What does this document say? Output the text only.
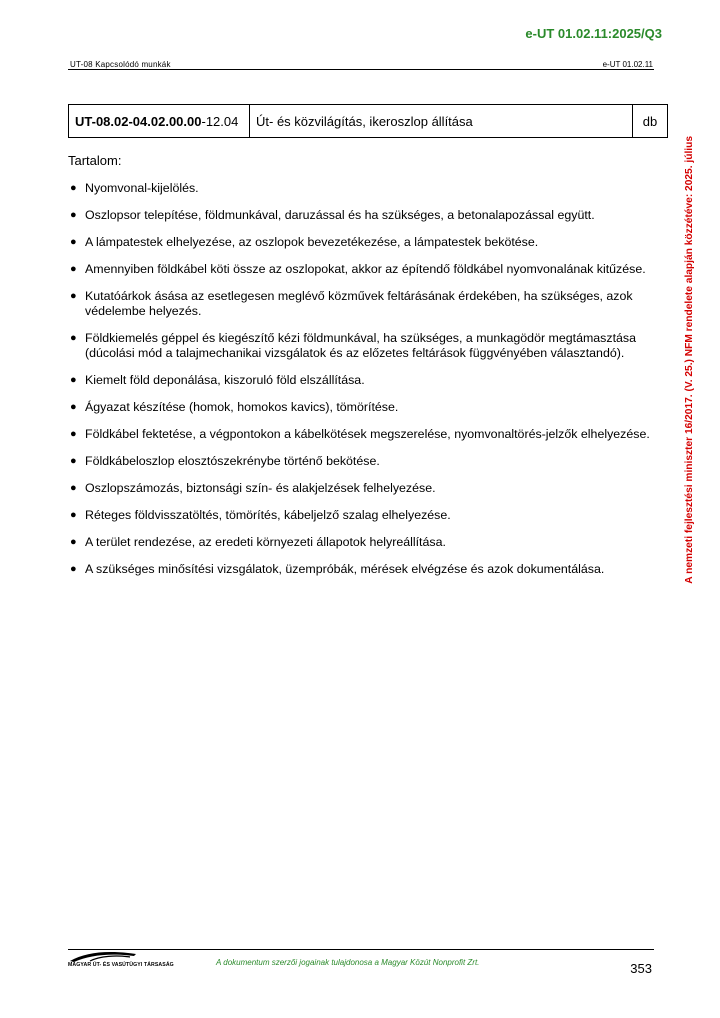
e-UT 01.02.11:2025/Q3
UT-08 Kapcsolódó munkák	e-UT 01.02.11
UT-08.02-04.02.00.00-12.04	Út- és közvilágítás, ikeroszlop állítása	db
Tartalom:
● Nyomvonal-kijelölés.
● Oszlopsor telepítése, földmunkával, daruzással és ha szükséges, a betonalapozással együtt.
● A lámpatestek elhelyezése, az oszlopok bevezetékezése, a lámpatestek bekötése.
● Amennyiben földkábel köti össze az oszlopokat, akkor az építendő földkábel nyomvonalának kitűzése.
● Kutatóárkok ásása az esetlegesen meglévő közművek feltárásának érdekében, ha szükséges, azok védelembe helyezés.
● Földkiemelés géppel és kiegészítő kézi földmunkával, ha szükséges, a munkagödör megtámasztása (dúcolási mód a talajmechanikai vizsgálatok és az előzetes feltárások függvényében választandó).
● Kiemelt föld deponálása, kiszoruló föld elszállítása.
● Ágyazat készítése (homok, homokos kavics), tömörítése.
● Földkábel fektetése, a végpontokon a kábelkötések megszerelése, nyomvonaltörés-jelzők elhelyezése.
● Földkábeloszlop elosztószekrénybe történő bekötése.
● Oszlopszámozás, biztonsági szín- és alakjelzések felhelyezése.
● Réteges földvisszatöltés, tömörítés, kábeljelző szalag elhelyezése.
● A terület rendezése, az eredeti környezeti állapotok helyreállítása.
● A szükséges minősítési vizsgálatok, üzempróbák, mérések elvégzése és azok dokumentálása.	A nemzeti fejlesztési miniszter 16/2017. (V. 25.) NFM rendelete alapján közzétéve: 2025. július
MAGYAR ÚT- ÉS VASÚTÜGYI TÁRSASÁG	A dokumentum szerzői jogainak tulajdonosa a Magyar Közút Nonprofit Zrt.	353
